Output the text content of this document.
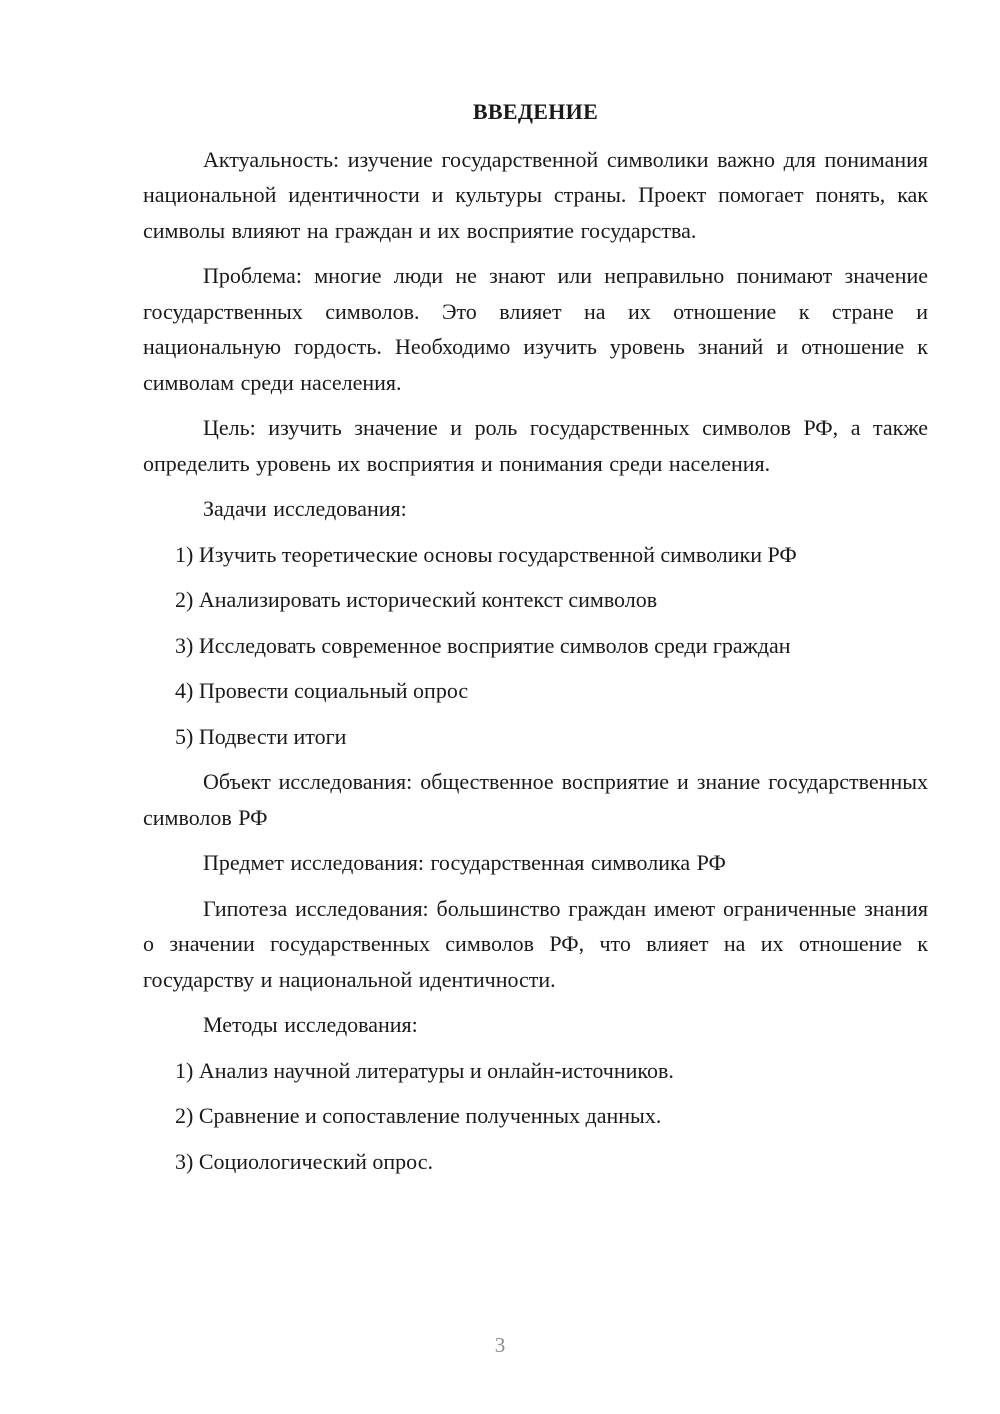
ВВЕДЕНИЕ

Актуальность: изучение государственной символики важно для понимания национальной идентичности и культуры страны. Проект помогает понять, как символы влияют на граждан и их восприятие государства.

Проблема: многие люди не знают или неправильно понимают значение государственных символов. Это влияет на их отношение к стране и национальную гордость. Необходимо изучить уровень знаний и отношение к символам среди населения.

Цель: изучить значение и роль государственных символов РФ, а также определить уровень их восприятия и понимания среди населения.

Задачи исследования:

1) Изучить теоретические основы государственной символики РФ

2) Анализировать исторический контекст символов

3) Исследовать современное восприятие символов среди граждан

4) Провести социальный опрос

5) Подвести итоги

Объект исследования: общественное восприятие и знание государственных символов РФ

Предмет исследования: государственная символика РФ

Гипотеза исследования: большинство граждан имеют ограниченные знания о значении государственных символов РФ, что влияет на их отношение к государству и национальной идентичности.

Методы исследования:

1) Анализ научной литературы и онлайн-источников.

2) Сравнение и сопоставление полученных данных.

3) Социологический опрос.

3
